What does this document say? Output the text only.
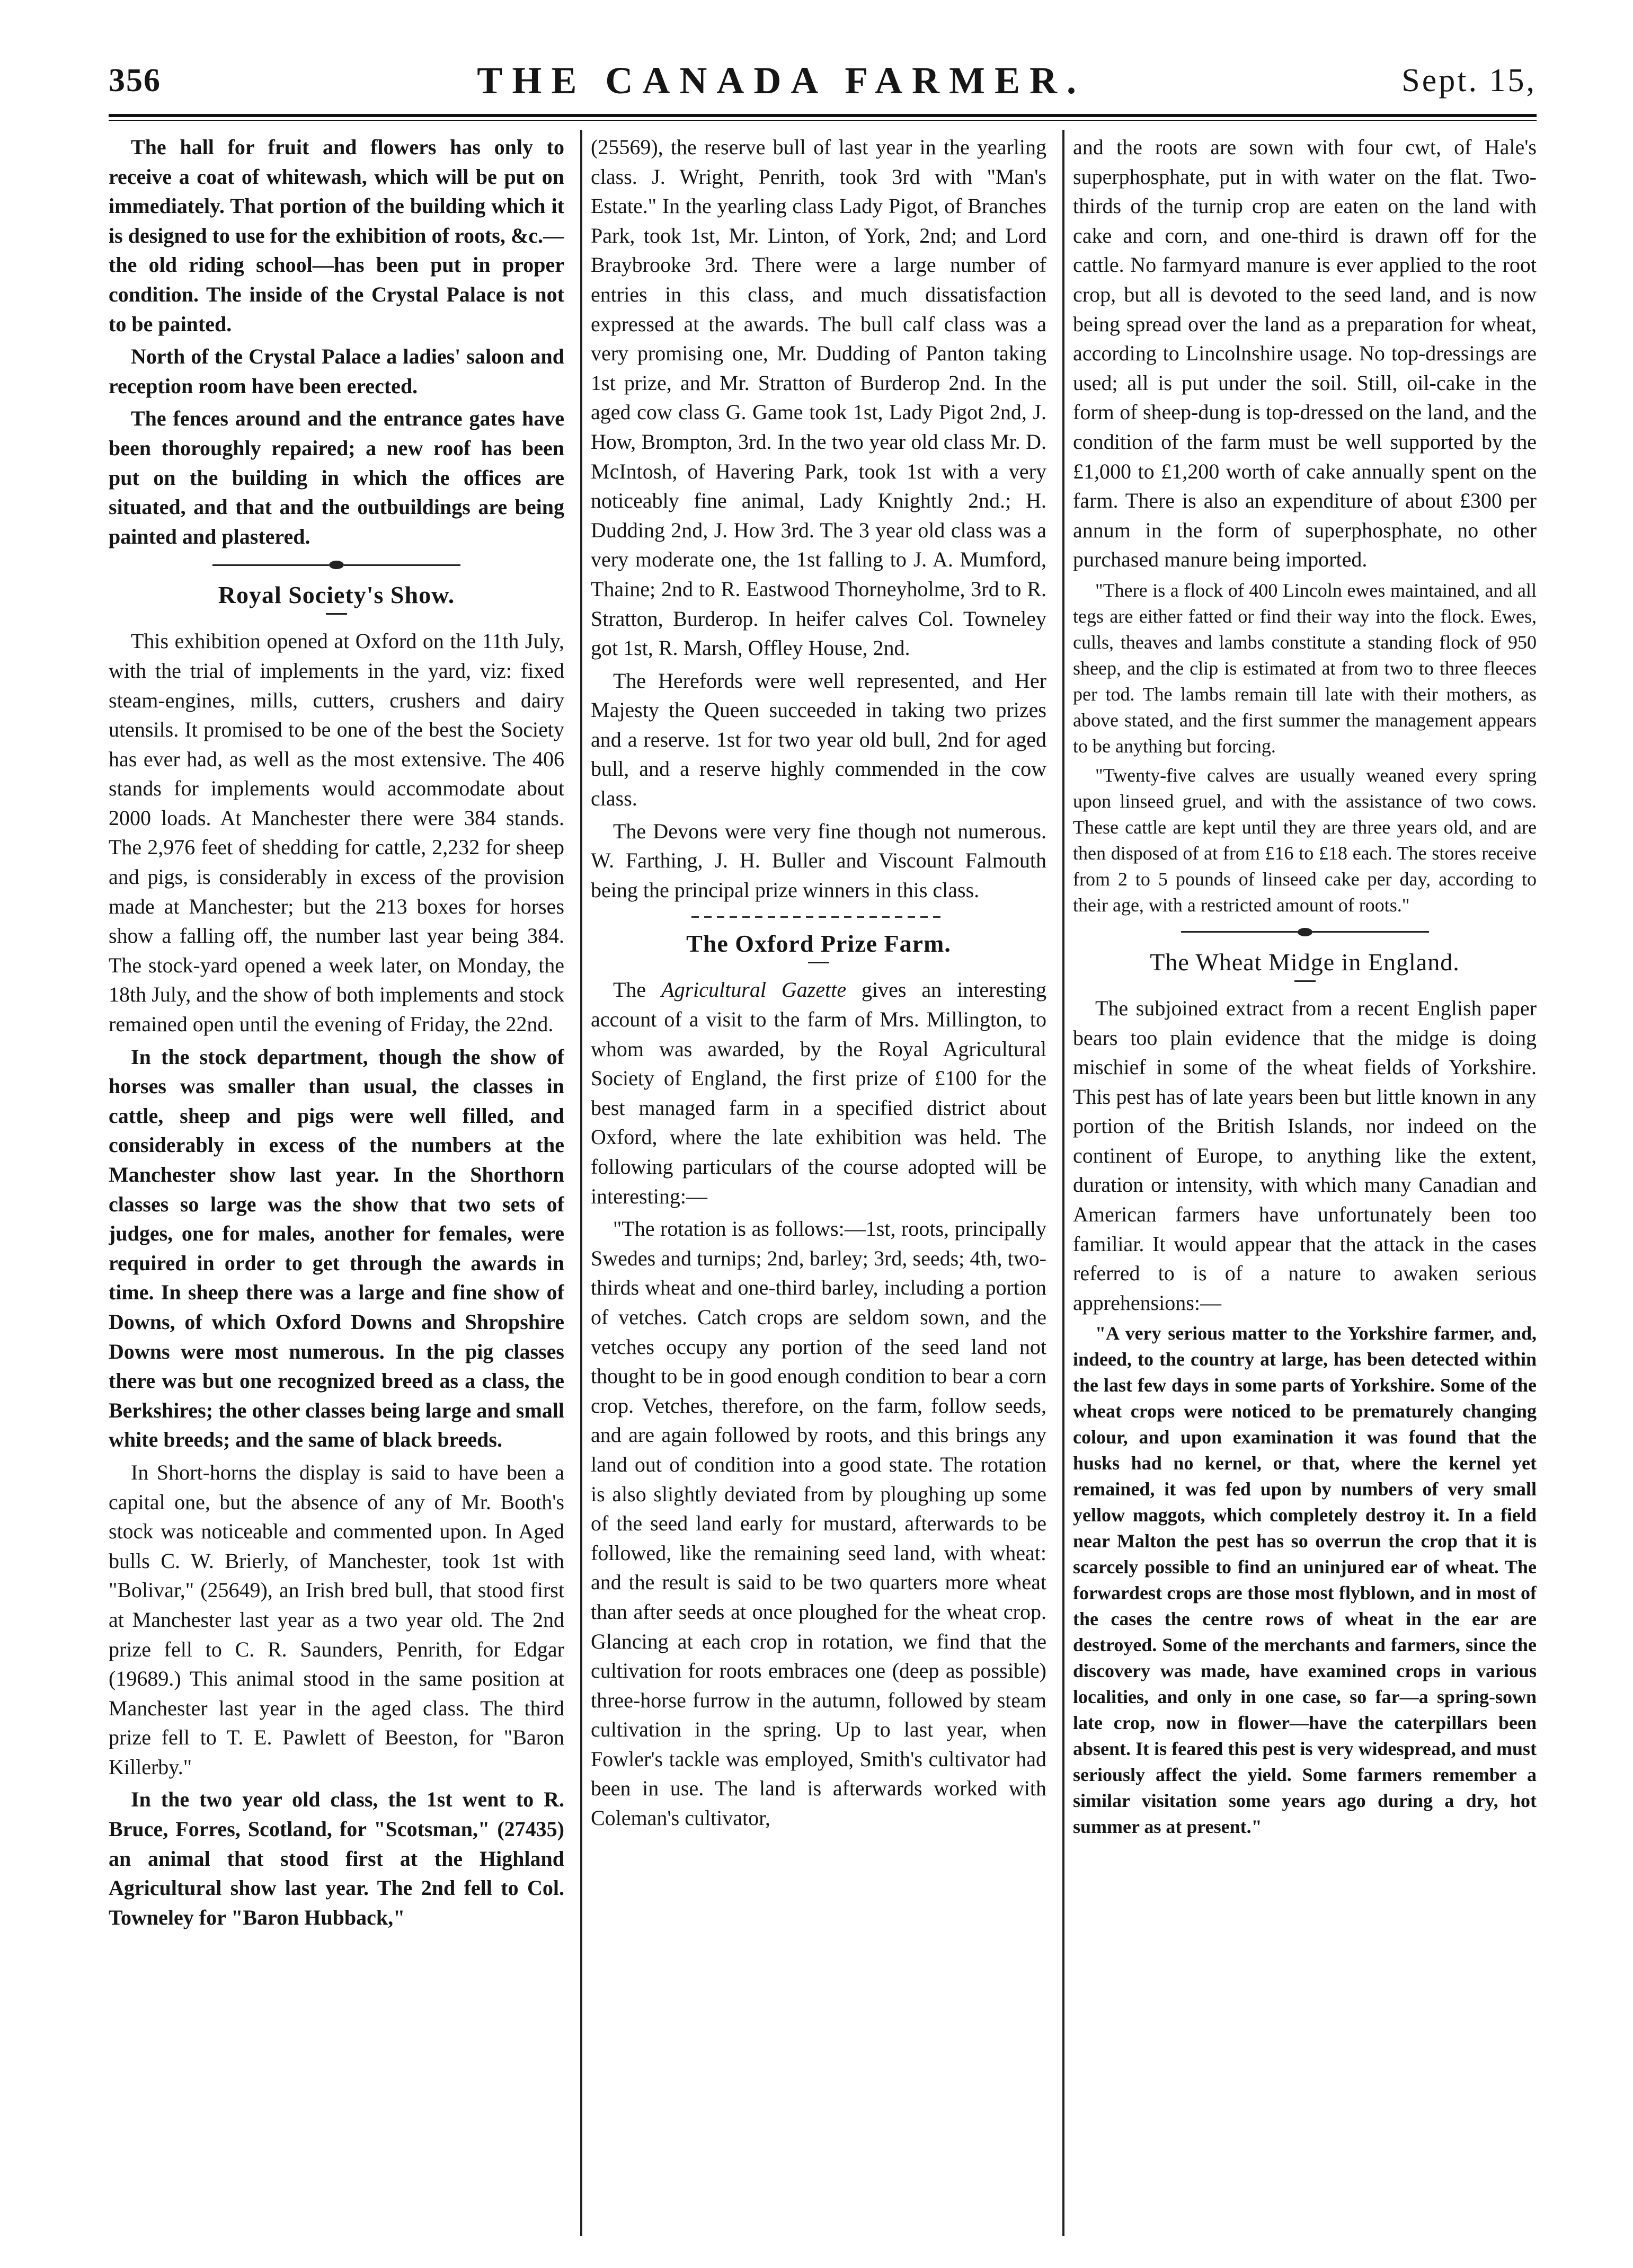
356	THE CANADA FARMER.	Sept. 15,

The hall for fruit and flowers has only to receive a coat of whitewash, which will be put on immediately. That portion of the building which it is designed to use for the exhibition of roots, &c.—the old riding school—has been put in proper condition. The inside of the Crystal Palace is not to be painted.

North of the Crystal Palace a ladies' saloon and reception room have been erected.

The fences around and the entrance gates have been thoroughly repaired; a new roof has been put on the building in which the offices are situated, and that and the outbuildings are being painted and plastered.

Royal Society's Show.

This exhibition opened at Oxford on the 11th July, with the trial of implements in the yard, viz: fixed steam-engines, mills, cutters, crushers and dairy utensils. It promised to be one of the best the Society has ever had, as well as the most extensive. The 406 stands for implements would accommodate about 2000 loads. At Manchester there were 384 stands. The 2,976 feet of shedding for cattle, 2,232 for sheep and pigs, is considerably in excess of the provision made at Manchester; but the 213 boxes for horses show a falling off, the number last year being 384. The stock-yard opened a week later, on Monday, the 18th July, and the show of both implements and stock remained open until the evening of Friday, the 22nd.

In the stock department, though the show of horses was smaller than usual, the classes in cattle, sheep and pigs were well filled, and considerably in excess of the numbers at the Manchester show last year. In the Shorthorn classes so large was the show that two sets of judges, one for males, another for females, were required in order to get through the awards in time. In sheep there was a large and fine show of Downs, of which Oxford Downs and Shropshire Downs were most numerous. In the pig classes there was but one recognized breed as a class, the Berkshires; the other classes being large and small white breeds; and the same of black breeds.

In Short-horns the display is said to have been a capital one, but the absence of any of Mr. Booth's stock was noticeable and commented upon. In Aged bulls C. W. Brierly, of Manchester, took 1st with "Bolivar," (25649), an Irish bred bull, that stood first at Manchester last year as a two year old. The 2nd prize fell to C. R. Saunders, Penrith, for Edgar (19689.) This animal stood in the same position at Manchester last year in the aged class. The third prize fell to T. E. Pawlett of Beeston, for "Baron Killerby."

In the two year old class, the 1st went to R. Bruce, Forres, Scotland, for "Scotsman," (27435) an animal that stood first at the Highland Agricultural show last year. The 2nd fell to Col. Towneley for "Baron Hubback,"

(25569), the reserve bull of last year in the yearling class. J. Wright, Penrith, took 3rd with "Man's Estate." In the yearling class Lady Pigot, of Branches Park, took 1st, Mr. Linton, of York, 2nd; and Lord Braybrooke 3rd. There were a large number of entries in this class, and much dissatisfaction expressed at the awards. The bull calf class was a very promising one, Mr. Dudding of Panton taking 1st prize, and Mr. Stratton of Burderop 2nd. In the aged cow class G. Game took 1st, Lady Pigot 2nd, J. How, Brompton, 3rd. In the two year old class Mr. D. McIntosh, of Havering Park, took 1st with a very noticeably fine animal, Lady Knightly 2nd.; H. Dudding 2nd, J. How 3rd. The 3 year old class was a very moderate one, the 1st falling to J. A. Mumford, Thaine; 2nd to R. Eastwood Thorneyholme, 3rd to R. Stratton, Burderop. In heifer calves Col. Towneley got 1st, R. Marsh, Offley House, 2nd.

The Herefords were well represented, and Her Majesty the Queen succeeded in taking two prizes and a reserve. 1st for two year old bull, 2nd for aged bull, and a reserve highly commended in the cow class.

The Devons were very fine though not numerous. W. Farthing, J. H. Buller and Viscount Falmouth being the principal prize winners in this class.

The Oxford Prize Farm.

The Agricultural Gazette gives an interesting account of a visit to the farm of Mrs. Millington, to whom was awarded, by the Royal Agricultural Society of England, the first prize of £100 for the best managed farm in a specified district about Oxford, where the late exhibition was held. The following particulars of the course adopted will be interesting:—

"The rotation is as follows:—1st, roots, principally Swedes and turnips; 2nd, barley; 3rd, seeds; 4th, two-thirds wheat and one-third barley, including a portion of vetches. Catch crops are seldom sown, and the vetches occupy any portion of the seed land not thought to be in good enough condition to bear a corn crop. Vetches, therefore, on the farm, follow seeds, and are again followed by roots, and this brings any land out of condition into a good state. The rotation is also slightly deviated from by ploughing up some of the seed land early for mustard, afterwards to be followed, like the remaining seed land, with wheat: and the result is said to be two quarters more wheat than after seeds at once ploughed for the wheat crop. Glancing at each crop in rotation, we find that the cultivation for roots embraces one (deep as possible) three-horse furrow in the autumn, followed by steam cultivation in the spring. Up to last year, when Fowler's tackle was employed, Smith's cultivator had been in use. The land is afterwards worked with Coleman's cultivator,

and the roots are sown with four cwt, of Hale's superphosphate, put in with water on the flat. Two-thirds of the turnip crop are eaten on the land with cake and corn, and one-third is drawn off for the cattle. No farmyard manure is ever applied to the root crop, but all is devoted to the seed land, and is now being spread over the land as a preparation for wheat, according to Lincolnshire usage. No top-dressings are used; all is put under the soil. Still, oil-cake in the form of sheep-dung is top-dressed on the land, and the condition of the farm must be well supported by the £1,000 to £1,200 worth of cake annually spent on the farm. There is also an expenditure of about £300 per annum in the form of superphosphate, no other purchased manure being imported.

"There is a flock of 400 Lincoln ewes maintained, and all tegs are either fatted or find their way into the flock. Ewes, culls, theaves and lambs constitute a standing flock of 950 sheep, and the clip is estimated at from two to three fleeces per tod. The lambs remain till late with their mothers, as above stated, and the first summer the management appears to be anything but forcing.

"Twenty-five calves are usually weaned every spring upon linseed gruel, and with the assistance of two cows. These cattle are kept until they are three years old, and are then disposed of at from £16 to £18 each. The stores receive from 2 to 5 pounds of linseed cake per day, according to their age, with a restricted amount of roots."

The Wheat Midge in England.

The subjoined extract from a recent English paper bears too plain evidence that the midge is doing mischief in some of the wheat fields of Yorkshire. This pest has of late years been but little known in any portion of the British Islands, nor indeed on the continent of Europe, to anything like the extent, duration or intensity, with which many Canadian and American farmers have unfortunately been too familiar. It would appear that the attack in the cases referred to is of a nature to awaken serious apprehensions:—

"A very serious matter to the Yorkshire farmer, and, indeed, to the country at large, has been detected within the last few days in some parts of Yorkshire. Some of the wheat crops were noticed to be prematurely changing colour, and upon examination it was found that the husks had no kernel, or that, where the kernel yet remained, it was fed upon by numbers of very small yellow maggots, which completely destroy it. In a field near Malton the pest has so overrun the crop that it is scarcely possible to find an uninjured ear of wheat. The forwardest crops are those most flyblown, and in most of the cases the centre rows of wheat in the ear are destroyed. Some of the merchants and farmers, since the discovery was made, have examined crops in various localities, and only in one case, so far—a spring-sown late crop, now in flower—have the caterpillars been absent. It is feared this pest is very widespread, and must seriously affect the yield. Some farmers remember a similar visitation some years ago during a dry, hot summer as at present."
